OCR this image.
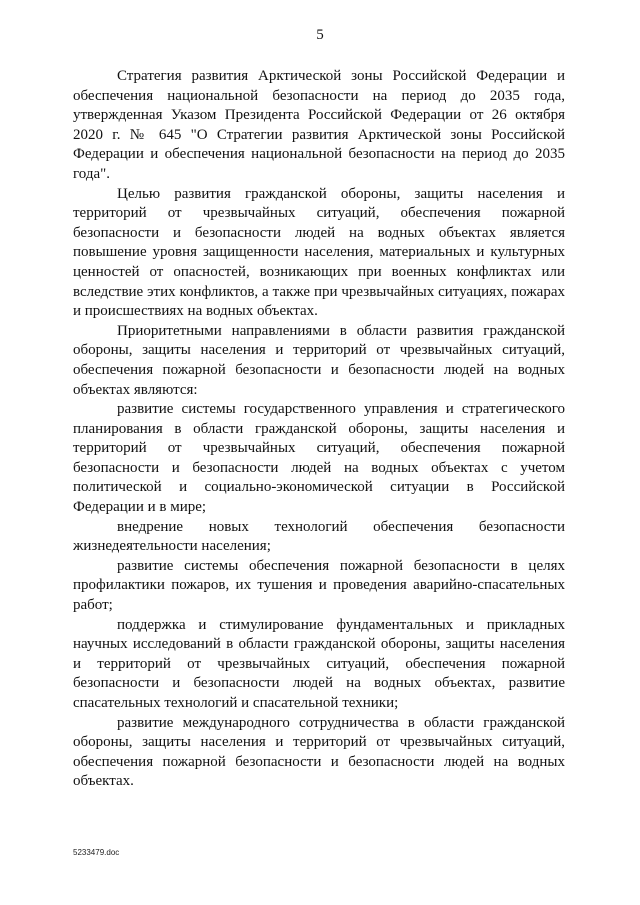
5

Стратегия развития Арктической зоны Российской Федерации и обеспечения национальной безопасности на период до 2035 года, утвержденная Указом Президента Российской Федерации от 26 октября 2020 г. № 645 "О Стратегии развития Арктической зоны Российской Федерации и обеспечения национальной безопасности на период до 2035 года".

Целью развития гражданской обороны, защиты населения и территорий от чрезвычайных ситуаций, обеспечения пожарной безопасности и безопасности людей на водных объектах является повышение уровня защищенности населения, материальных и культурных ценностей от опасностей, возникающих при военных конфликтах или вследствие этих конфликтов, а также при чрезвычайных ситуациях, пожарах и происшествиях на водных объектах.

Приоритетными направлениями в области развития гражданской обороны, защиты населения и территорий от чрезвычайных ситуаций, обеспечения пожарной безопасности и безопасности людей на водных объектах являются:

развитие системы государственного управления и стратегического планирования в области гражданской обороны, защиты населения и территорий от чрезвычайных ситуаций, обеспечения пожарной безопасности и безопасности людей на водных объектах с учетом политической и социально-экономической ситуации в Российской Федерации и в мире;

внедрение новых технологий обеспечения безопасности жизнедеятельности населения;

развитие системы обеспечения пожарной безопасности в целях профилактики пожаров, их тушения и проведения аварийно-спасательных работ;

поддержка и стимулирование фундаментальных и прикладных научных исследований в области гражданской обороны, защиты населения и территорий от чрезвычайных ситуаций, обеспечения пожарной безопасности и безопасности людей на водных объектах, развитие спасательных технологий и спасательной техники;

развитие международного сотрудничества в области гражданской обороны, защиты населения и территорий от чрезвычайных ситуаций, обеспечения пожарной безопасности и безопасности людей на водных объектах.

5233479.doc
